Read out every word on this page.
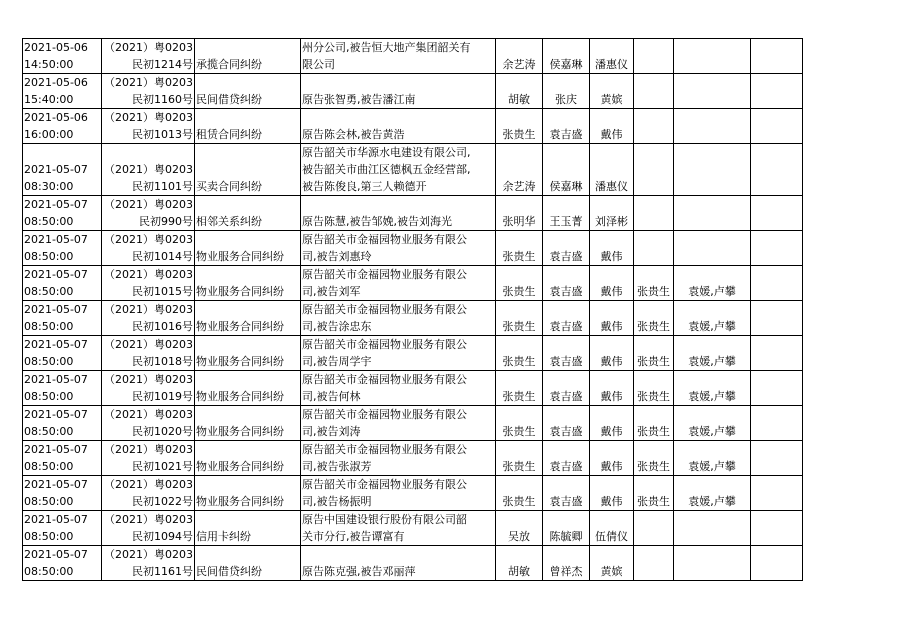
2021-05-06
14:50:00	（2021）粤0203
民初1214号	承揽合同纠纷	州分公司,被告恒大地产集团韶关有
限公司	余艺涛	侯嘉琳	潘惠仪			
2021-05-06
15:40:00	（2021）粤0203
民初1160号	民间借贷纠纷	原告张智勇,被告潘江南	胡敏	张庆	黄嫔			
2021-05-06
16:00:00	（2021）粤0203
民初1013号	租赁合同纠纷	原告陈会林,被告黄浩	张贵生	袁吉盛	戴伟			
2021-05-07
08:30:00	（2021）粤0203
民初1101号	买卖合同纠纷	原告韶关市华源水电建设有限公司,
被告韶关市曲江区德枫五金经营部,
被告陈俊良,第三人赖德开	余艺涛	侯嘉琳	潘惠仪			
2021-05-07
08:50:00	（2021）粤0203
民初990号	相邻关系纠纷	原告陈慧,被告邹娩,被告刘海光	张明华	王玉菁	刘泽彬			
2021-05-07
08:50:00	（2021）粤0203
民初1014号	物业服务合同纠纷	原告韶关市金福园物业服务有限公
司,被告刘惠玲	张贵生	袁吉盛	戴伟			
2021-05-07
08:50:00	（2021）粤0203
民初1015号	物业服务合同纠纷	原告韶关市金福园物业服务有限公
司,被告刘军	张贵生	袁吉盛	戴伟	张贵生	袁媛,卢攀	
2021-05-07
08:50:00	（2021）粤0203
民初1016号	物业服务合同纠纷	原告韶关市金福园物业服务有限公
司,被告涂忠东	张贵生	袁吉盛	戴伟	张贵生	袁媛,卢攀	
2021-05-07
08:50:00	（2021）粤0203
民初1018号	物业服务合同纠纷	原告韶关市金福园物业服务有限公
司,被告周学宇	张贵生	袁吉盛	戴伟	张贵生	袁媛,卢攀	
2021-05-07
08:50:00	（2021）粤0203
民初1019号	物业服务合同纠纷	原告韶关市金福园物业服务有限公
司,被告何林	张贵生	袁吉盛	戴伟	张贵生	袁媛,卢攀	
2021-05-07
08:50:00	（2021）粤0203
民初1020号	物业服务合同纠纷	原告韶关市金福园物业服务有限公
司,被告刘涛	张贵生	袁吉盛	戴伟	张贵生	袁媛,卢攀	
2021-05-07
08:50:00	（2021）粤0203
民初1021号	物业服务合同纠纷	原告韶关市金福园物业服务有限公
司,被告张淑芳	张贵生	袁吉盛	戴伟	张贵生	袁媛,卢攀	
2021-05-07
08:50:00	（2021）粤0203
民初1022号	物业服务合同纠纷	原告韶关市金福园物业服务有限公
司,被告杨振明	张贵生	袁吉盛	戴伟	张贵生	袁媛,卢攀	
2021-05-07
08:50:00	（2021）粤0203
民初1094号	信用卡纠纷	原告中国建设银行股份有限公司韶
关市分行,被告谭富有	吴放	陈毓卿	伍倩仪			
2021-05-07
08:50:00	（2021）粤0203
民初1161号	民间借贷纠纷	原告陈克强,被告邓丽萍	胡敏	曾祥杰	黄嫔			
